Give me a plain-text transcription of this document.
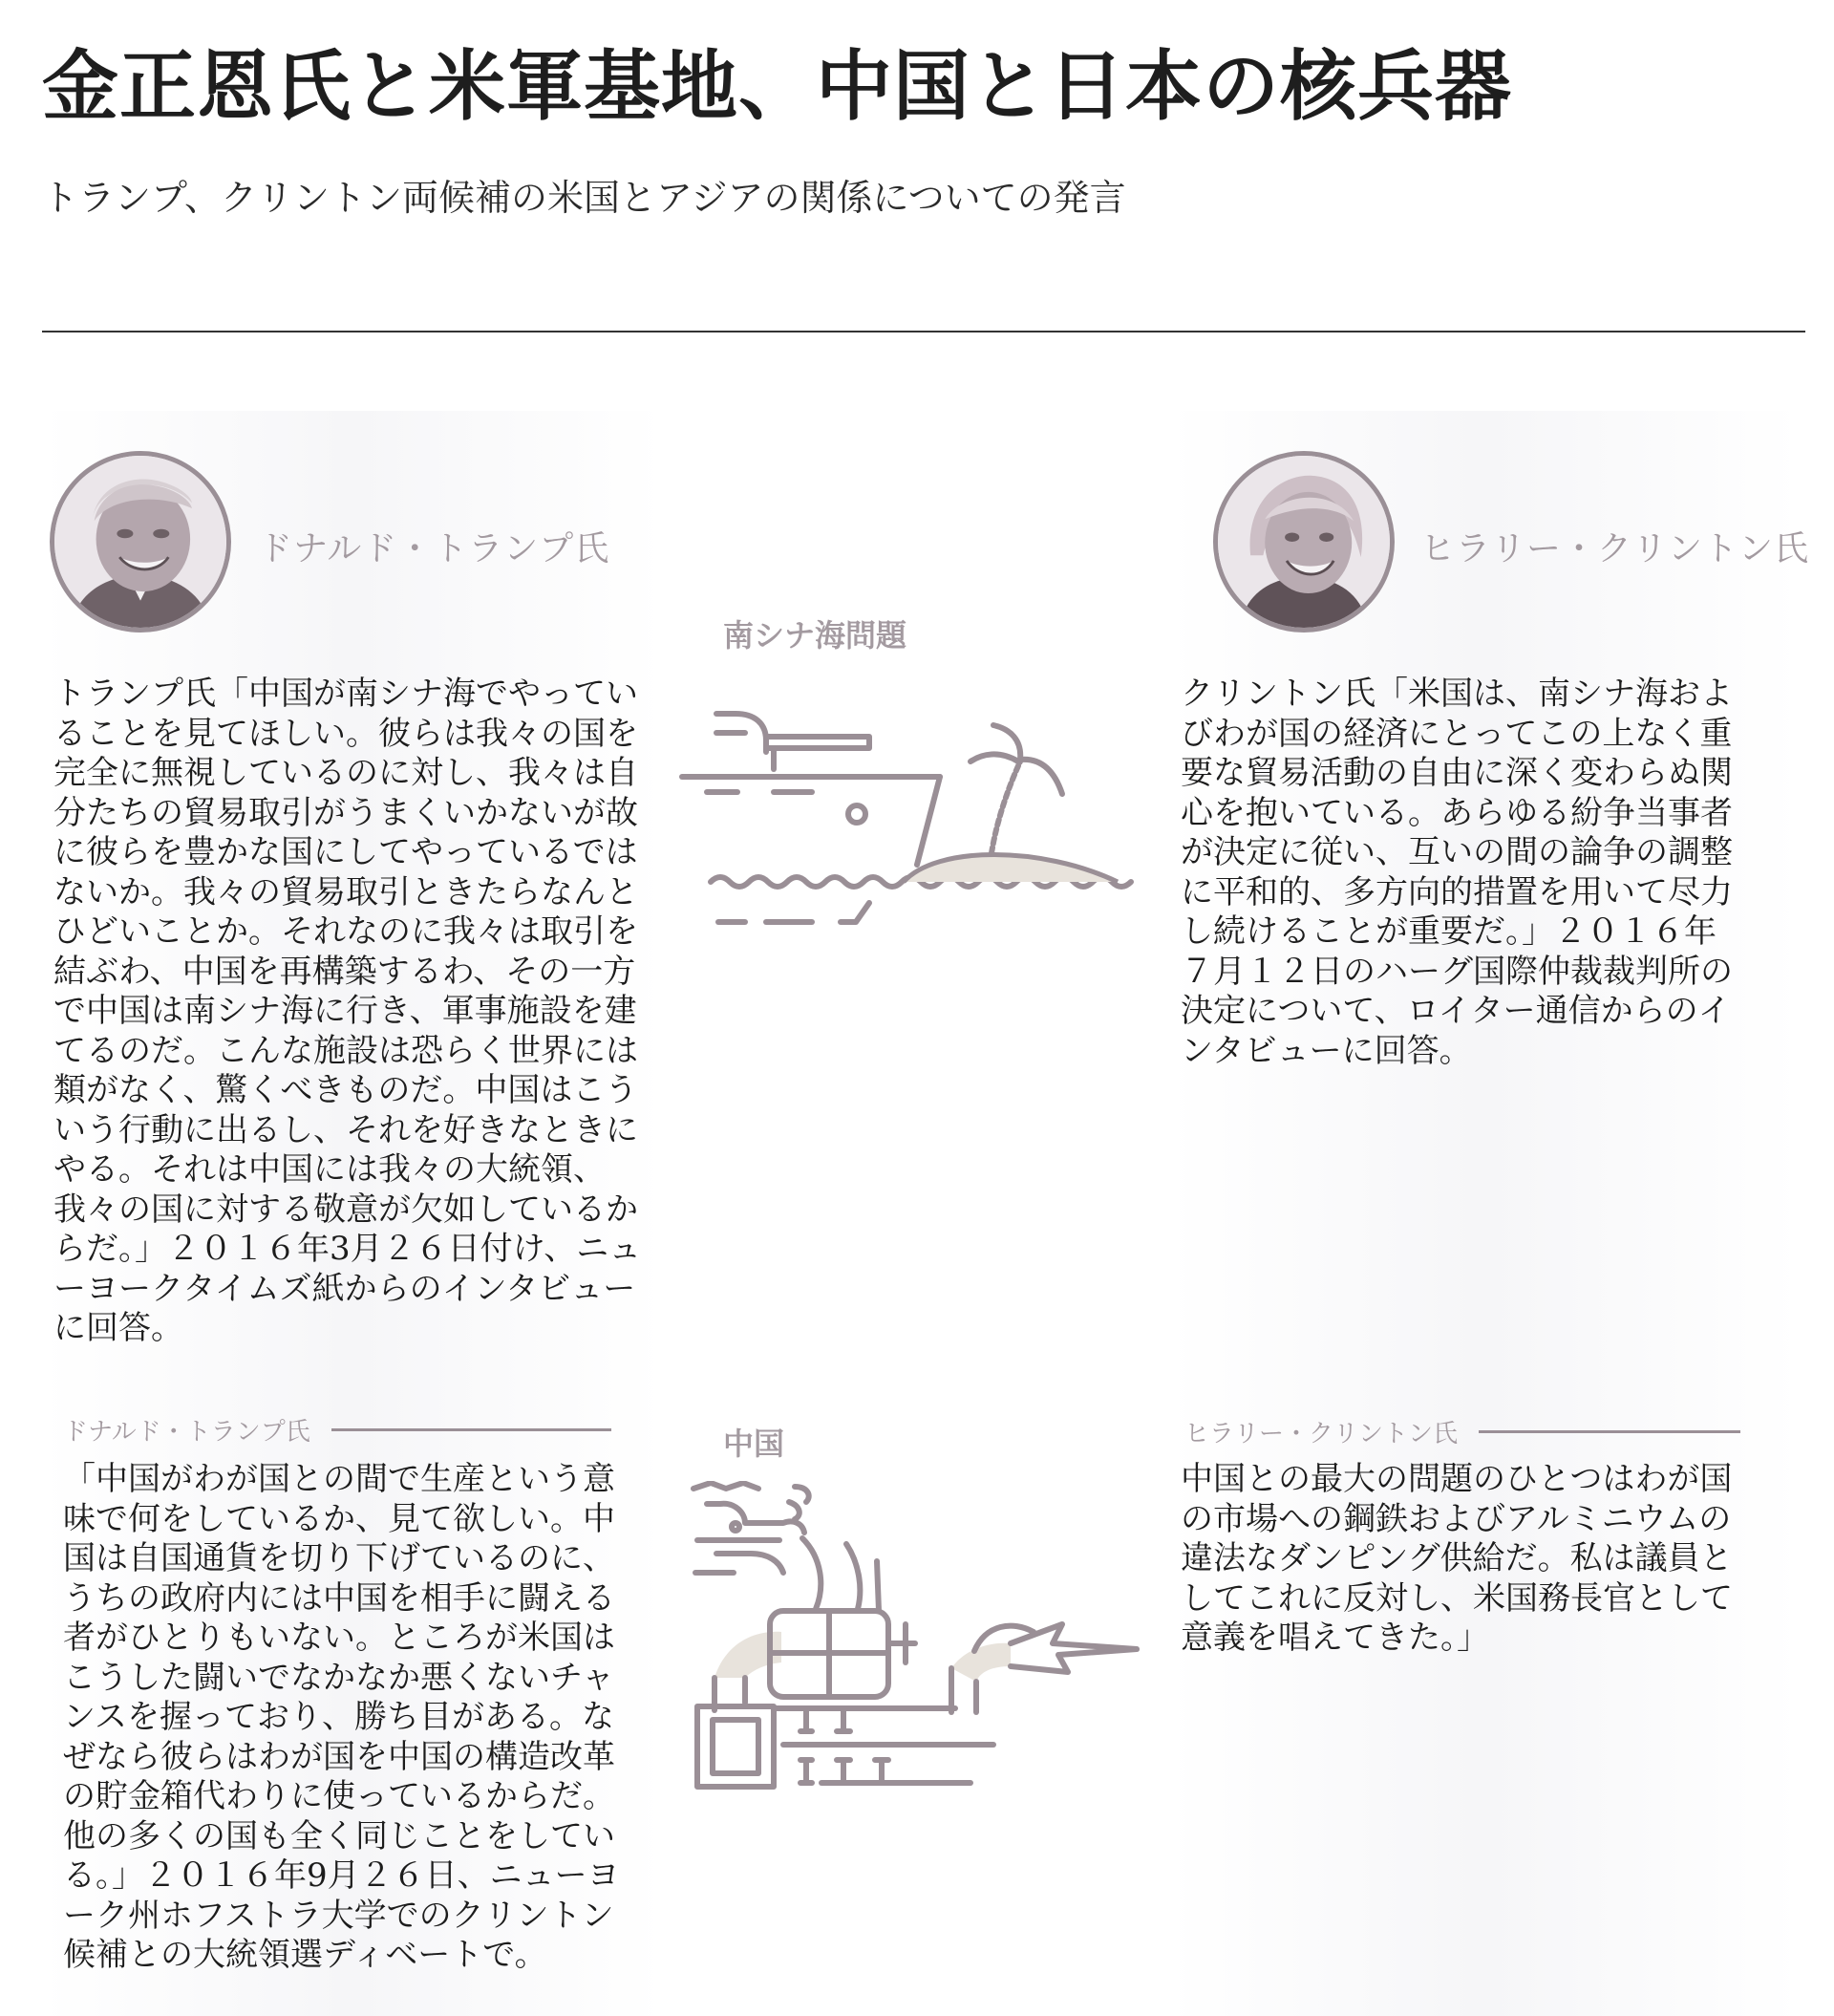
金正恩氏と米軍基地、中国と日本の核兵器

トランプ、クリントン両候補の米国とアジアの関係についての発言

ドナルド・トランプ氏	ヒラリー・クリントン氏
南シナ海問題

トランプ氏「中国が南シナ海でやっていることを見てほしい。彼らは我々の国を完全に無視しているのに対し、我々は自分たちの貿易取引がうまくいかないが故に彼らを豊かな国にしてやっているではないか。我々の貿易取引ときたらなんとひどいことか。それなのに我々は取引を結ぶわ、中国を再構築するわ、その一方で中国は南シナ海に行き、軍事施設を建てるのだ。こんな施設は恐らく世界には類がなく、驚くべきものだ。中国はこういう行動に出るし、それを好きなときにやる。それは中国には我々の大統領、我々の国に対する敬意が欠如しているからだ。」２０１６年3月２６日付け、ニューヨークタイムズ紙からのインタビューに回答。

クリントン氏「米国は、南シナ海およびわが国の経済にとってこの上なく重要な貿易活動の自由に深く変わらぬ関心を抱いている。あらゆる紛争当事者が決定に従い、互いの間の論争の調整に平和的、多方向的措置を用いて尽力し続けることが重要だ。」２０１６年７月１２日のハーグ国際仲裁裁判所の決定について、ロイター通信からのインタビューに回答。

ドナルド・トランプ氏	ヒラリー・クリントン氏
中国

「中国がわが国との間で生産という意味で何をしているか、見て欲しい。中国は自国通貨を切り下げているのに、うちの政府内には中国を相手に闘える者がひとりもいない。ところが米国はこうした闘いでなかなか悪くないチャンスを握っており、勝ち目がある。なぜなら彼らはわが国を中国の構造改革の貯金箱代わりに使っているからだ。他の多くの国も全く同じことをしている。」２０１６年9月２６日、ニューヨーク州ホフストラ大学でのクリントン候補との大統領選ディベートで。

中国との最大の問題のひとつはわが国の市場への鋼鉄およびアルミニウムの違法なダンピング供給だ。私は議員としてこれに反対し、米国務長官として意義を唱えてきた。」
